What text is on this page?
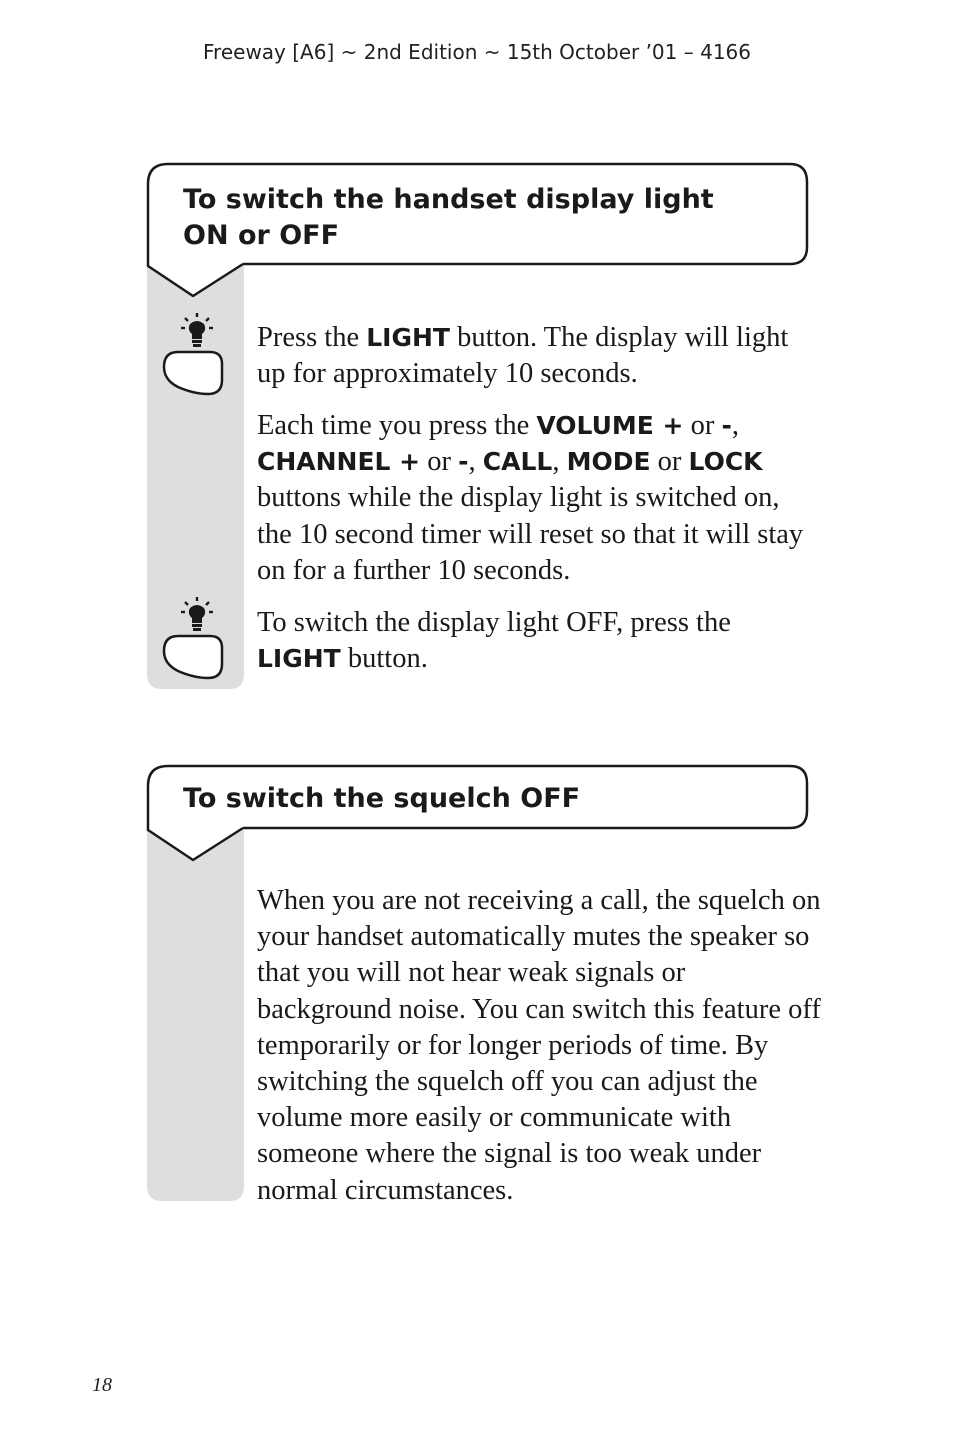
Freeway [A6] ~ 2nd Edition ~ 15th October ’01 – 4166
To switch the handset display light
ON or OFF
Press the LIGHT button. The display will light up for approximately 10 seconds.
Each time you press the VOLUME + or -, CHANNEL + or -, CALL, MODE or LOCK buttons while the display light is switched on, the 10 second timer will reset so that it will stay on for a further 10 seconds.
To switch the display light OFF, press the LIGHT button.
To switch the squelch OFF
When you are not receiving a call, the squelch on your handset automatically mutes the speaker so that you will not hear weak signals or background noise. You can switch this feature off temporarily or for longer periods of time. By switching the squelch off you can adjust the volume more easily or communicate with someone where the signal is too weak under normal circumstances.
18
